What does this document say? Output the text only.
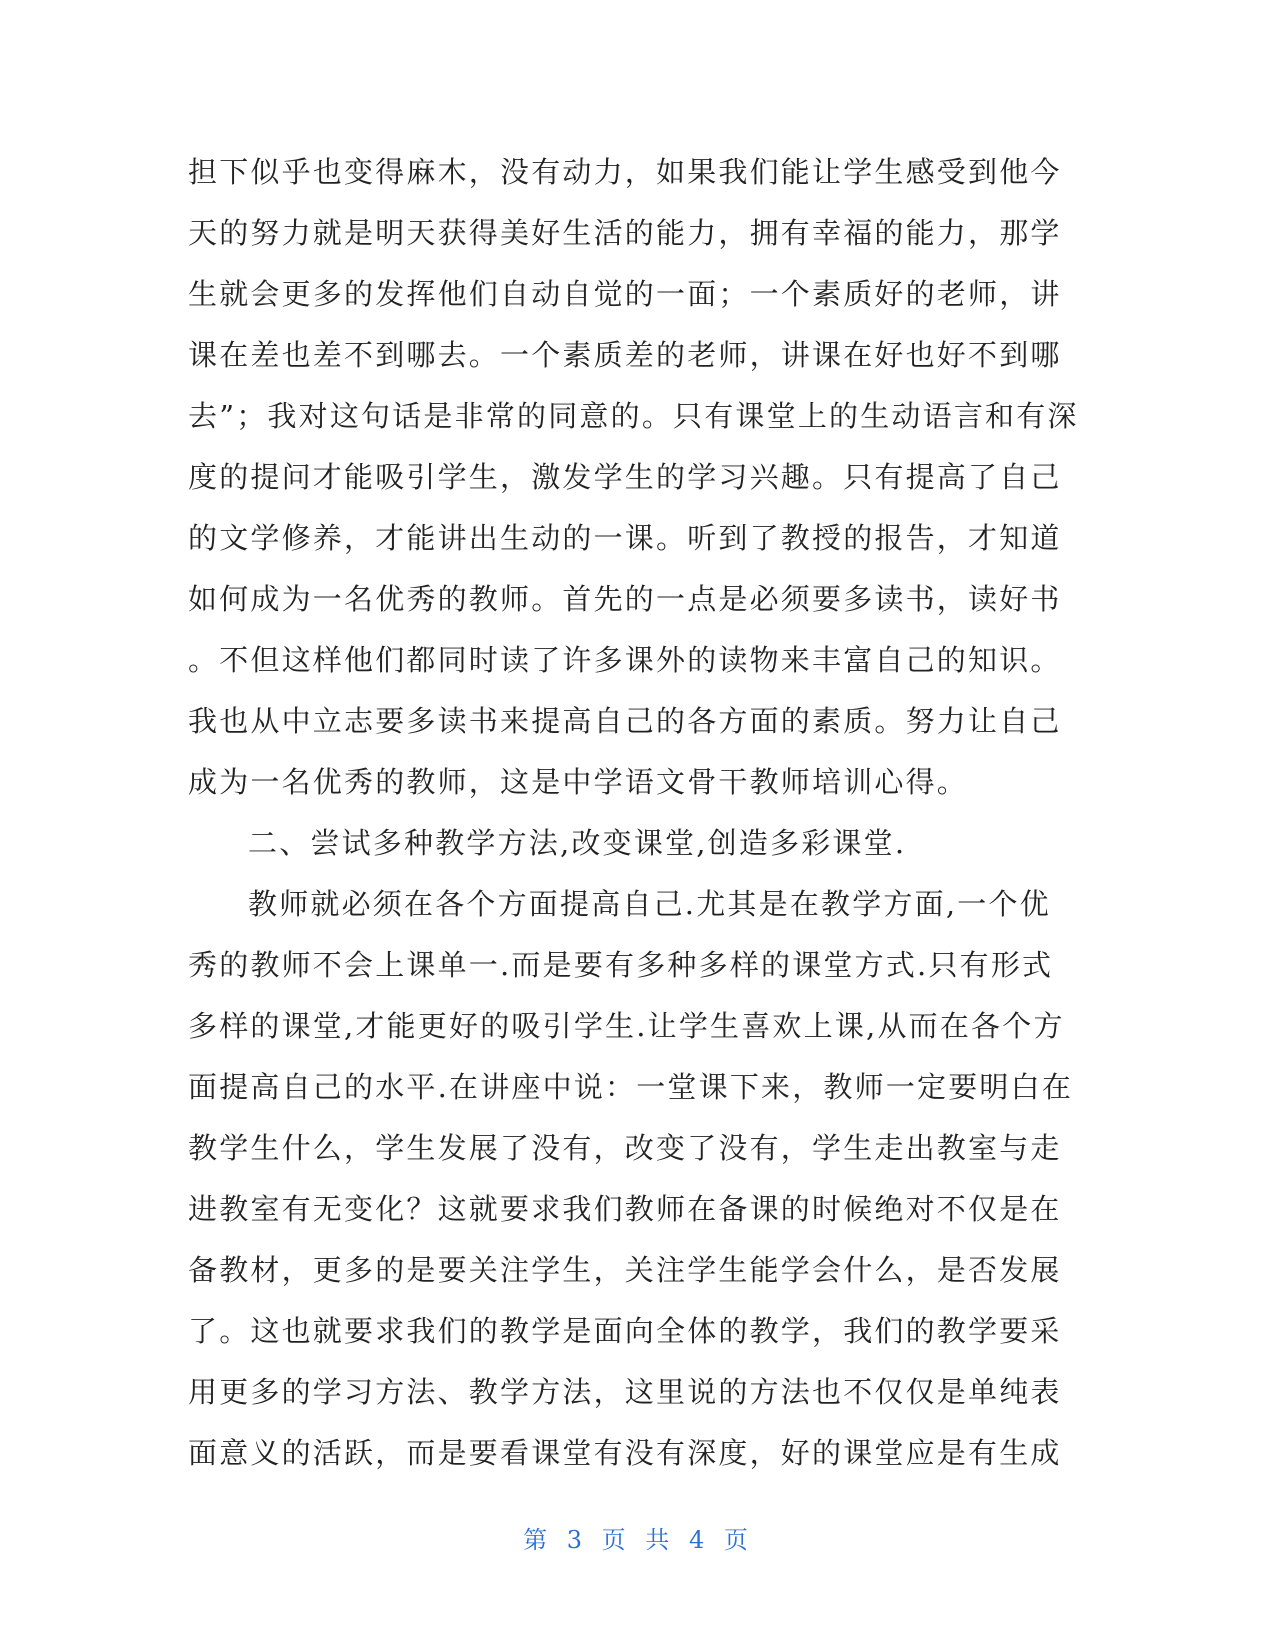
担下似乎也变得麻木，没有动力，如果我们能让学生感受到他今
天的努力就是明天获得美好生活的能力，拥有幸福的能力，那学
生就会更多的发挥他们自动自觉的一面；一个素质好的老师，讲
课在差也差不到哪去。一个素质差的老师，讲课在好也好不到哪
去”；我对这句话是非常的同意的。只有课堂上的生动语言和有深
度的提问才能吸引学生，激发学生的学习兴趣。只有提高了自己
的文学修养，才能讲出生动的一课。听到了教授的报告，才知道
如何成为一名优秀的教师。首先的一点是必须要多读书，读好书
。不但这样他们都同时读了许多课外的读物来丰富自己的知识。
我也从中立志要多读书来提高自己的各方面的素质。努力让自己
成为一名优秀的教师，这是中学语文骨干教师培训心得。
二、尝试多种教学方法,改变课堂,创造多彩课堂.
教师就必须在各个方面提高自己.尤其是在教学方面,一个优
秀的教师不会上课单一.而是要有多种多样的课堂方式.只有形式
多样的课堂,才能更好的吸引学生.让学生喜欢上课,从而在各个方
面提高自己的水平.在讲座中说：一堂课下来，教师一定要明白在
教学生什么，学生发展了没有，改变了没有，学生走出教室与走
进教室有无变化？这就要求我们教师在备课的时候绝对不仅是在
备教材，更多的是要关注学生，关注学生能学会什么，是否发展
了。这也就要求我们的教学是面向全体的教学，我们的教学要采
用更多的学习方法、教学方法，这里说的方法也不仅仅是单纯表
面意义的活跃，而是要看课堂有没有深度，好的课堂应是有生成
第 3 页 共 4 页
